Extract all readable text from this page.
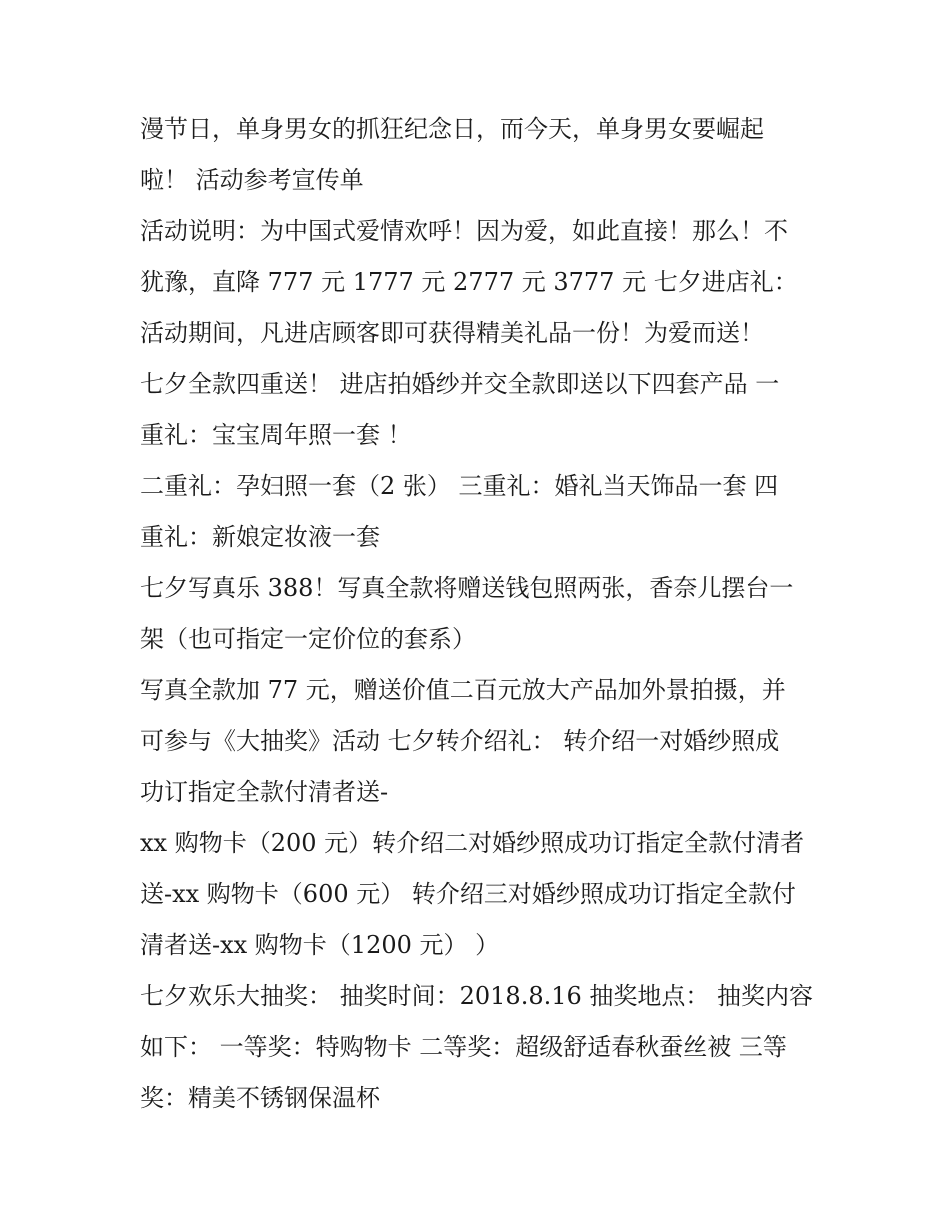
漫节日，单身男女的抓狂纪念日，而今天，单身男女要崛起
啦！ 活动参考宣传单
活动说明：为中国式爱情欢呼！因为爱，如此直接！那么！不
犹豫，直降 777 元 1777 元 2777 元 3777 元 七夕进店礼：
活动期间，凡进店顾客即可获得精美礼品一份！为爱而送！
七夕全款四重送！ 进店拍婚纱并交全款即送以下四套产品 一
重礼：宝宝周年照一套 ！
二重礼：孕妇照一套（2 张） 三重礼：婚礼当天饰品一套 四
重礼：新娘定妆液一套
七夕写真乐 388！写真全款将赠送钱包照两张，香奈儿摆台一
架（也可指定一定价位的套系）
写真全款加 77 元，赠送价值二百元放大产品加外景拍摄，并
可参与《大抽奖》活动 七夕转介绍礼： 转介绍一对婚纱照成
功订指定全款付清者送-
xx 购物卡（200 元）转介绍二对婚纱照成功订指定全款付清者
送-xx 购物卡（600 元） 转介绍三对婚纱照成功订指定全款付
清者送-xx 购物卡（1200 元） ）
七夕欢乐大抽奖： 抽奖时间：2018.8.16 抽奖地点： 抽奖内容
如下： 一等奖：特购物卡 二等奖：超级舒适春秋蚕丝被 三等
奖：精美不锈钢保温杯
